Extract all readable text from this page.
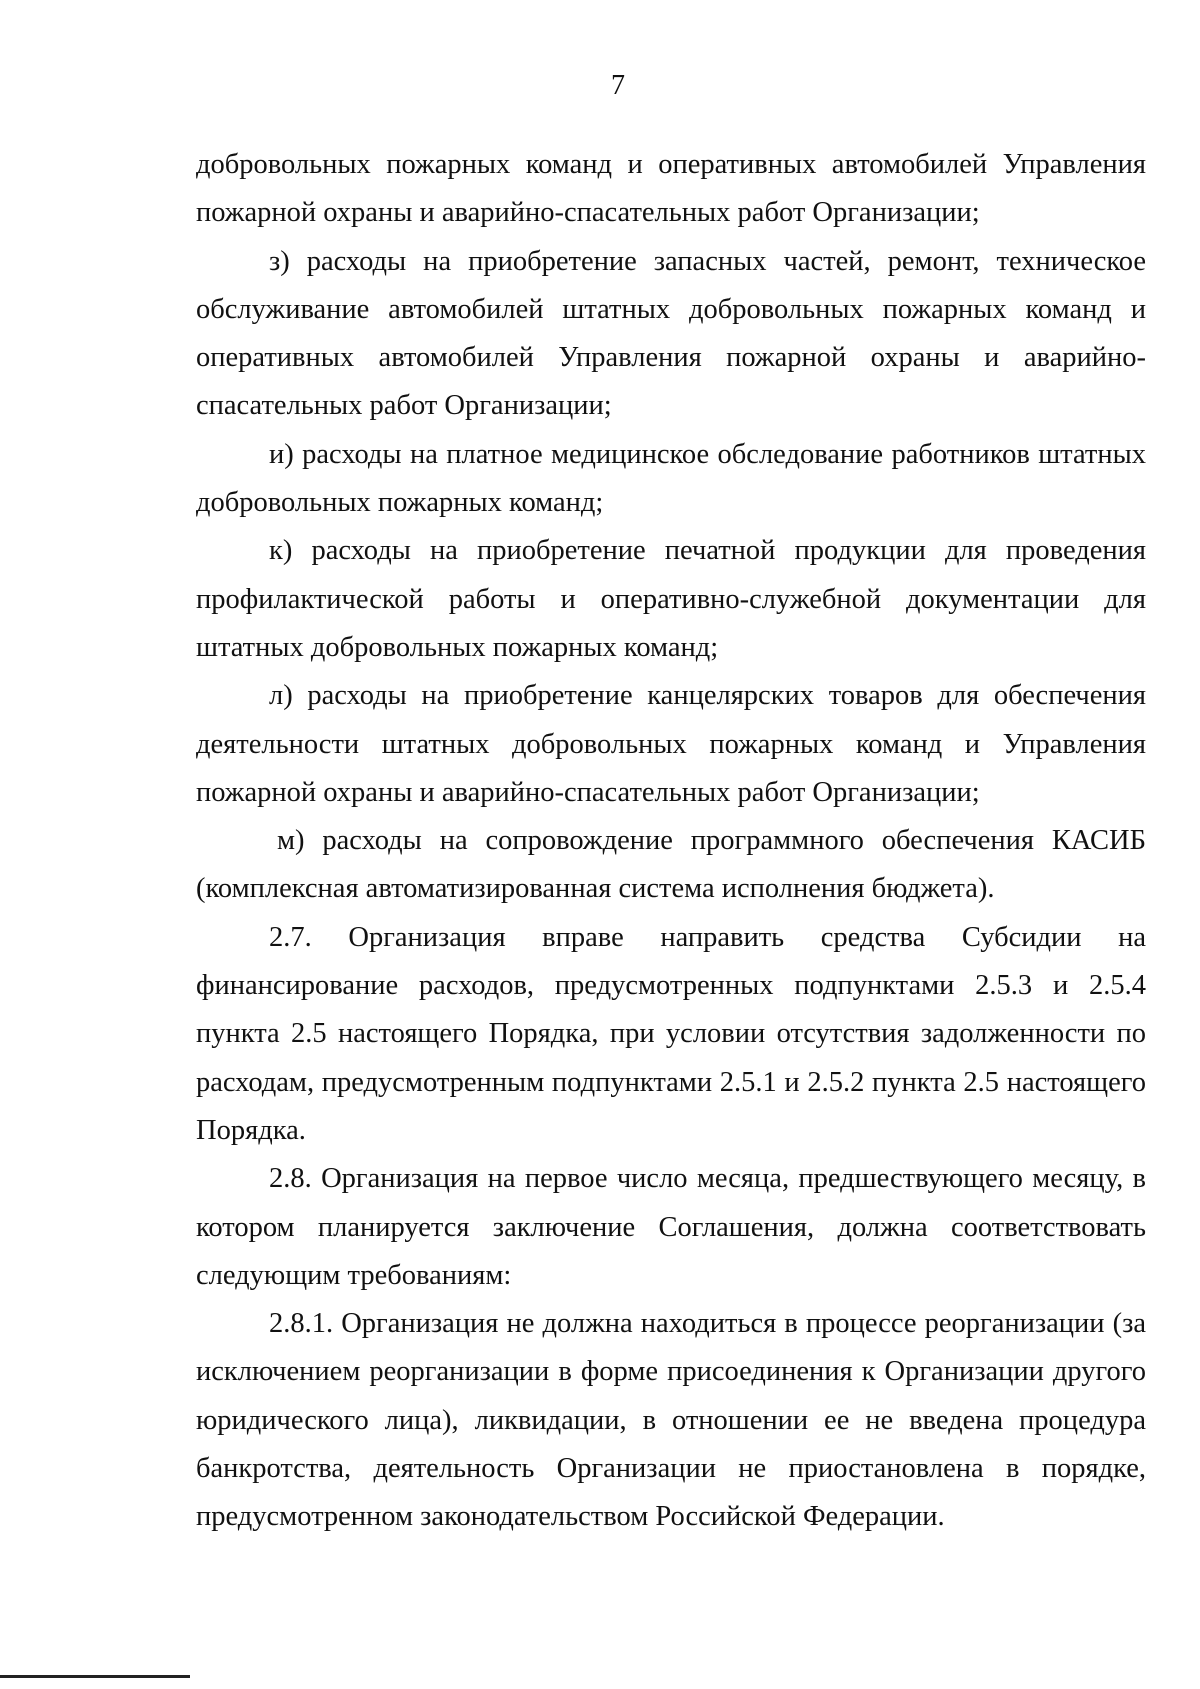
7

добровольных пожарных команд и оперативных автомобилей Управления пожарной охраны и аварийно-спасательных работ Организации;

з) расходы на приобретение запасных частей, ремонт, техническое обслуживание автомобилей штатных добровольных пожарных команд и оперативных автомобилей Управления пожарной охраны и аварийно-спасательных работ Организации;

и) расходы на платное медицинское обследование работников штатных добровольных пожарных команд;

к) расходы на приобретение печатной продукции для проведения профилактической работы и оперативно-служебной документации для штатных добровольных пожарных команд;

л) расходы на приобретение канцелярских товаров для обеспечения деятельности штатных добровольных пожарных команд и Управления пожарной охраны и аварийно-спасательных работ Организации;

м) расходы на сопровождение программного обеспечения КАСИБ (комплексная автоматизированная система исполнения бюджета).

2.7. Организация вправе направить средства Субсидии на финансирование расходов, предусмотренных подпунктами 2.5.3 и 2.5.4 пункта 2.5 настоящего Порядка, при условии отсутствия задолженности по расходам, предусмотренным подпунктами 2.5.1 и 2.5.2 пункта 2.5 настоящего Порядка.

2.8. Организация на первое число месяца, предшествующего месяцу, в котором планируется заключение Соглашения, должна соответствовать следующим требованиям:

2.8.1. Организация не должна находиться в процессе реорганизации (за исключением реорганизации в форме присоединения к Организации другого юридического лица), ликвидации, в отношении ее не введена процедура банкротства, деятельность Организации не приостановлена в порядке, предусмотренном законодательством Российской Федерации.
